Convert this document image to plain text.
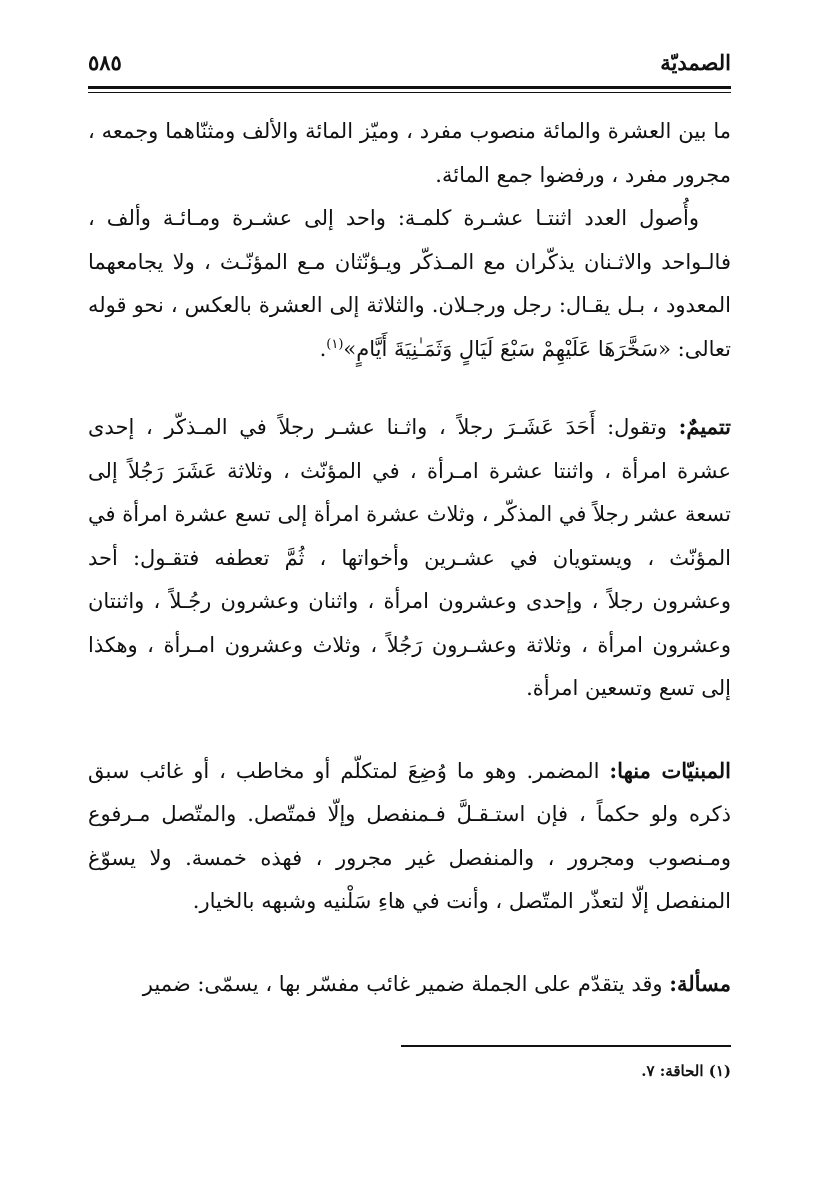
الصمديّة
٥٨٥

ما بين العشرة والمائة منصوب مفرد ، وميّز المائة والألف ومثنّاهما وجمعه ، مجرور مفرد ، ورفضوا جمع المائة.

وأُصول العدد اثنتـا عشـرة كلمـة: واحد إلى عشـرة ومـائـة وألف ، فالـواحد والاثـنان يذكّران مع المـذكّر ويـؤنّثان مـع المؤنّـث ، ولا يجامعهما المعدود ، بـل يقـال: رجل ورجـلان. والثلاثة إلى العشرة بالعكس ، نحو قوله تعالى: «سَخَّرَهَا عَلَيْهِمْ سَبْعَ لَيَالٍ وَثَمَـٰنِيَةَ أَيَّامٍ»$^{(١)}$.

تتميمٌ: وتقول: أَحَدَ عَشَـرَ رجلاً ، واثـنا عشـر رجلاً في المـذكّر ، إحدى عشرة امرأة ، واثنتا عشرة امـرأة ، في المؤنّث ، وثلاثة عَشَرَ رَجُلاً إلى تسعة عشر رجلاً في المذكّر ، وثلاث عشرة امرأة إلى تسع عشرة امرأة في المؤنّث ، ويستويان في عشـرين وأخواتها ، ثُمَّ تعطفه فتقـول: أحد وعشرون رجلاً ، وإحدى وعشرون امرأة ، واثنان وعشرون رجُـلاً ، واثنتان وعشرون امرأة ، وثلاثة وعشـرون رَجُلاً ، وثلاث وعشرون امـرأة ، وهكذا إلى تسع وتسعين امرأة.

المبنيّات منها: المضمر. وهو ما وُضِعَ لمتكلّم أو مخاطب ، أو غائب سبق ذكره ولو حكماً ، فإن استـقـلَّ فـمنفصل وإلّا فمتّصل. والمتّصل مـرفوع ومـنصوب ومجرور ، والمنفصل غير مجرور ، فهذه خمسة. ولا يسوّغ المنفصل إلّا لتعذّر المتّصل ، وأنت في هاءِ سَلْنيه وشبهه بالخيار.

مسألة: وقد يتقدّم على الجملة ضمير غائب مفسّر بها ، يسمّى: ضمير

(١) الحاقة: ٧.
